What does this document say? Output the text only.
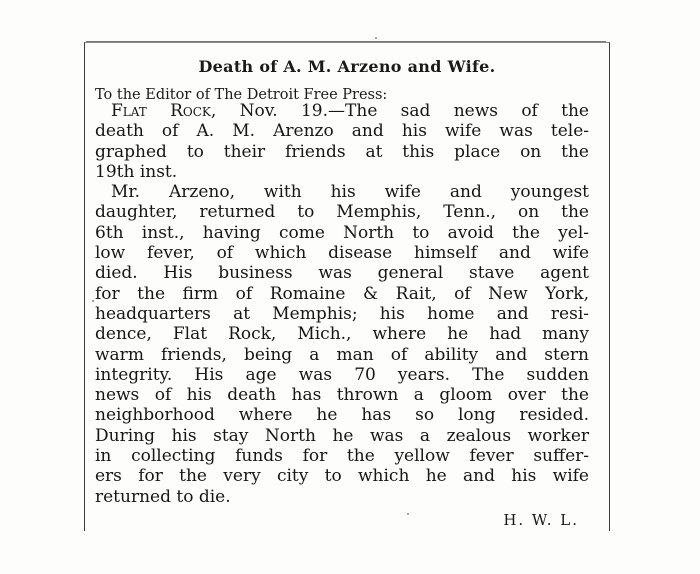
Death of A. M. Arzeno and Wife.
To the Editor of The Detroit Free Press:
Flat Rock, Nov. 19.—The sad news of the
death of A. M. Arenzo and his wife was tele-
graphed to their friends at this place on the
19th inst.
Mr. Arzeno, with his wife and youngest
daughter, returned to Memphis, Tenn., on the
6th inst., having come North to avoid the yel-
low fever, of which disease himself and wife
died. His business was general stave agent
for the firm of Romaine & Rait, of New York,
headquarters at Memphis; his home and resi-
dence, Flat Rock, Mich., where he had many
warm friends, being a man of ability and stern
integrity. His age was 70 years. The sudden
news of his death has thrown a gloom over the
neighborhood where he has so long resided.
During his stay North he was a zealous worker
in collecting funds for the yellow fever suffer-
ers for the very city to which he and his wife
returned to die.
H. W. L.
